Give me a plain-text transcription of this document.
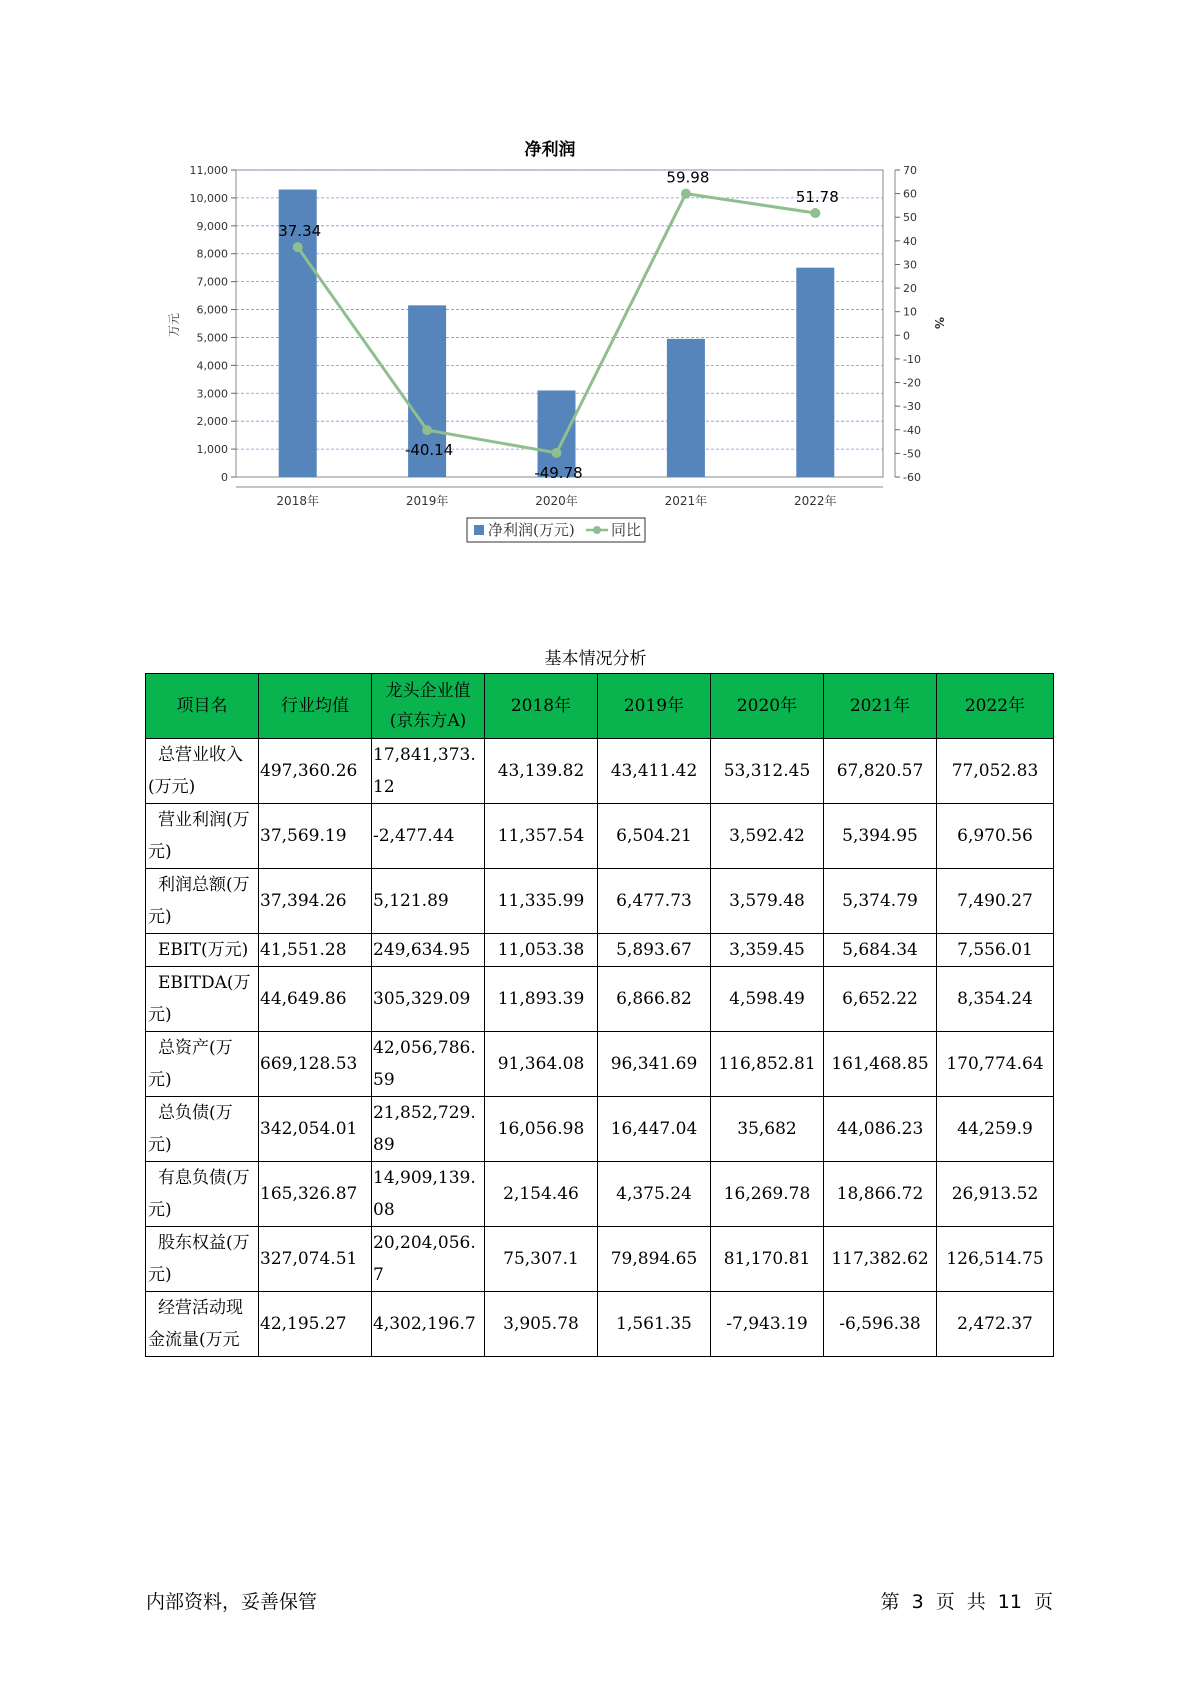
净利润
0
1,000
2,000
3,000
4,000
5,000
6,000
7,000
8,000
9,000
10,000
11,000
-60
-50
-40
-30
-20
-10
0
10
20
30
40
50
60
70
万元	%
2018年	2019年	2020年	2021年	2022年
37.34
-40.14
-49.78
59.98
51.78
净利润(万元) 同比
基本情况分析
项目名	行业均值	龙头企业值(京东方A)	2018年	2019年	2020年	2021年	2022年
总营业收入(万元)	497,360.26	17,841,373.12	43,139.82	43,411.42	53,312.45	67,820.57	77,052.83
营业利润(万元)	37,569.19	-2,477.44	11,357.54	6,504.21	3,592.42	5,394.95	6,970.56
利润总额(万元)	37,394.26	5,121.89	11,335.99	6,477.73	3,579.48	5,374.79	7,490.27
EBIT(万元)	41,551.28	249,634.95	11,053.38	5,893.67	3,359.45	5,684.34	7,556.01
EBITDA(万元)	44,649.86	305,329.09	11,893.39	6,866.82	4,598.49	6,652.22	8,354.24
总资产(万元)	669,128.53	42,056,786.59	91,364.08	96,341.69	116,852.81	161,468.85	170,774.64
总负债(万元)	342,054.01	21,852,729.89	16,056.98	16,447.04	35,682	44,086.23	44,259.9
有息负债(万元)	165,326.87	14,909,139.08	2,154.46	4,375.24	16,269.78	18,866.72	26,913.52
股东权益(万元)	327,074.51	20,204,056.7	75,307.1	79,894.65	81,170.81	117,382.62	126,514.75
经营活动现金流量(万元	42,195.27	4,302,196.7	3,905.78	1,561.35	-7,943.19	-6,596.38	2,472.37
内部资料，妥善保管	第 3 页 共 11 页
